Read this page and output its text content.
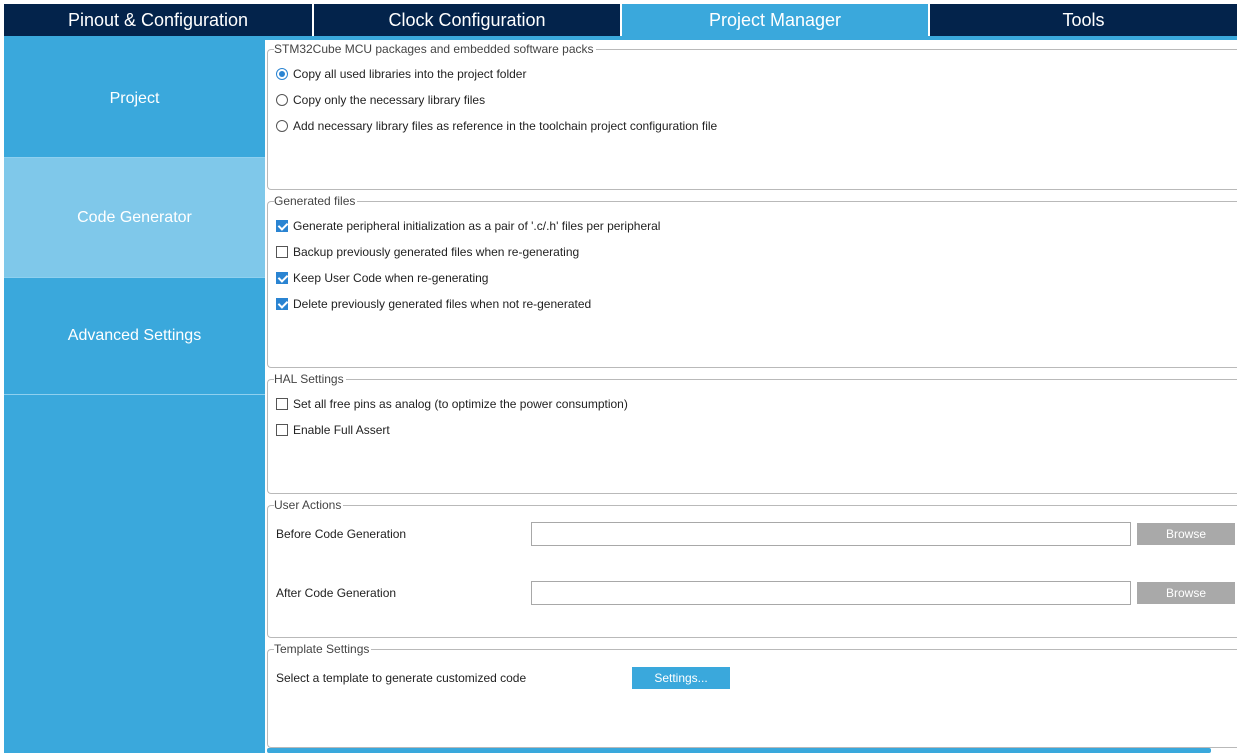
Pinout & Configuration	Clock Configuration	Project Manager	Tools
Project
Code Generator
Advanced Settings
STM32Cube MCU packages and embedded software packs
Copy all used libraries into the project folder
Copy only the necessary library files
Add necessary library files as reference in the toolchain project configuration file
Generated files
Generate peripheral initialization as a pair of '.c/.h' files per peripheral
Backup previously generated files when re-generating
Keep User Code when re-generating
Delete previously generated files when not re-generated
HAL Settings
Set all free pins as analog (to optimize the power consumption)
Enable Full Assert
User Actions
Before Code Generation	Browse
After Code Generation	Browse
Template Settings
Select a template to generate customized code	Settings...
